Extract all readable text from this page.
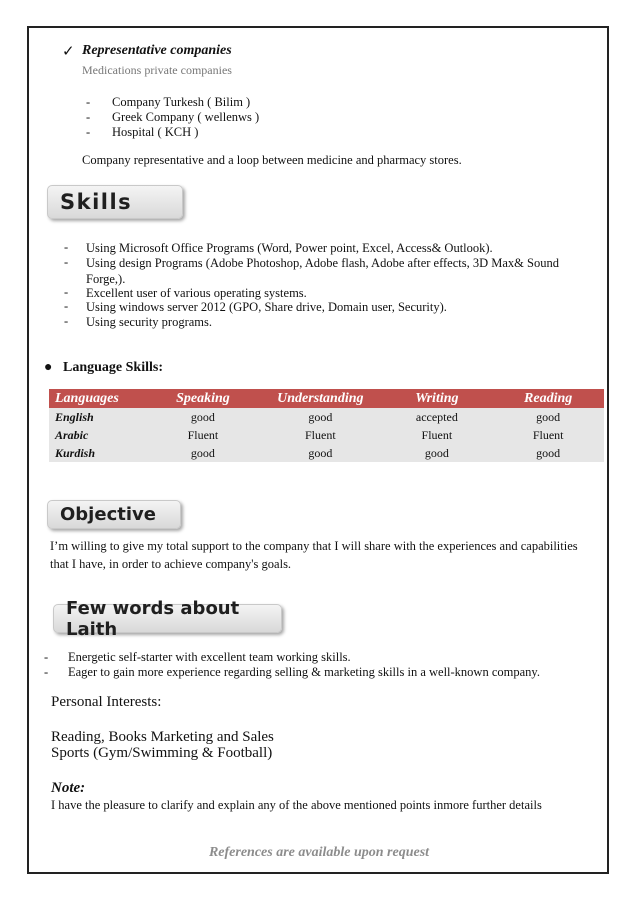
✓ Representative companies
Medications private companies
- Company Turkesh ( Bilim )
- Greek Company ( wellenws )
- Hospital ( KCH )
Company representative and a loop between medicine and pharmacy stores.
Skills
- Using Microsoft Office Programs (Word, Power point, Excel, Access& Outlook).
- Using design Programs (Adobe Photoshop, Adobe flash, Adobe after effects, 3D Max& Sound Forge,).
- Excellent user of various operating systems.
- Using windows server 2012 (GPO, Share drive, Domain user, Security).
- Using security programs.
● Language Skills:
Languages	Speaking	Understanding	Writing	Reading
English	good	good	accepted	good
Arabic	Fluent	Fluent	Fluent	Fluent
Kurdish	good	good	good	good
Objective
I’m willing to give my total support to the company that I will share with the experiences and capabilities that I have, in order to achieve company's goals.
Few words about Laith
- Energetic self-starter with excellent team working skills.
- Eager to gain more experience regarding selling & marketing skills in a well-known company.
Personal Interests:
Reading, Books Marketing and Sales
Sports (Gym/Swimming & Football)
Note:
I have the pleasure to clarify and explain any of the above mentioned points inmore further details
References are available upon request
